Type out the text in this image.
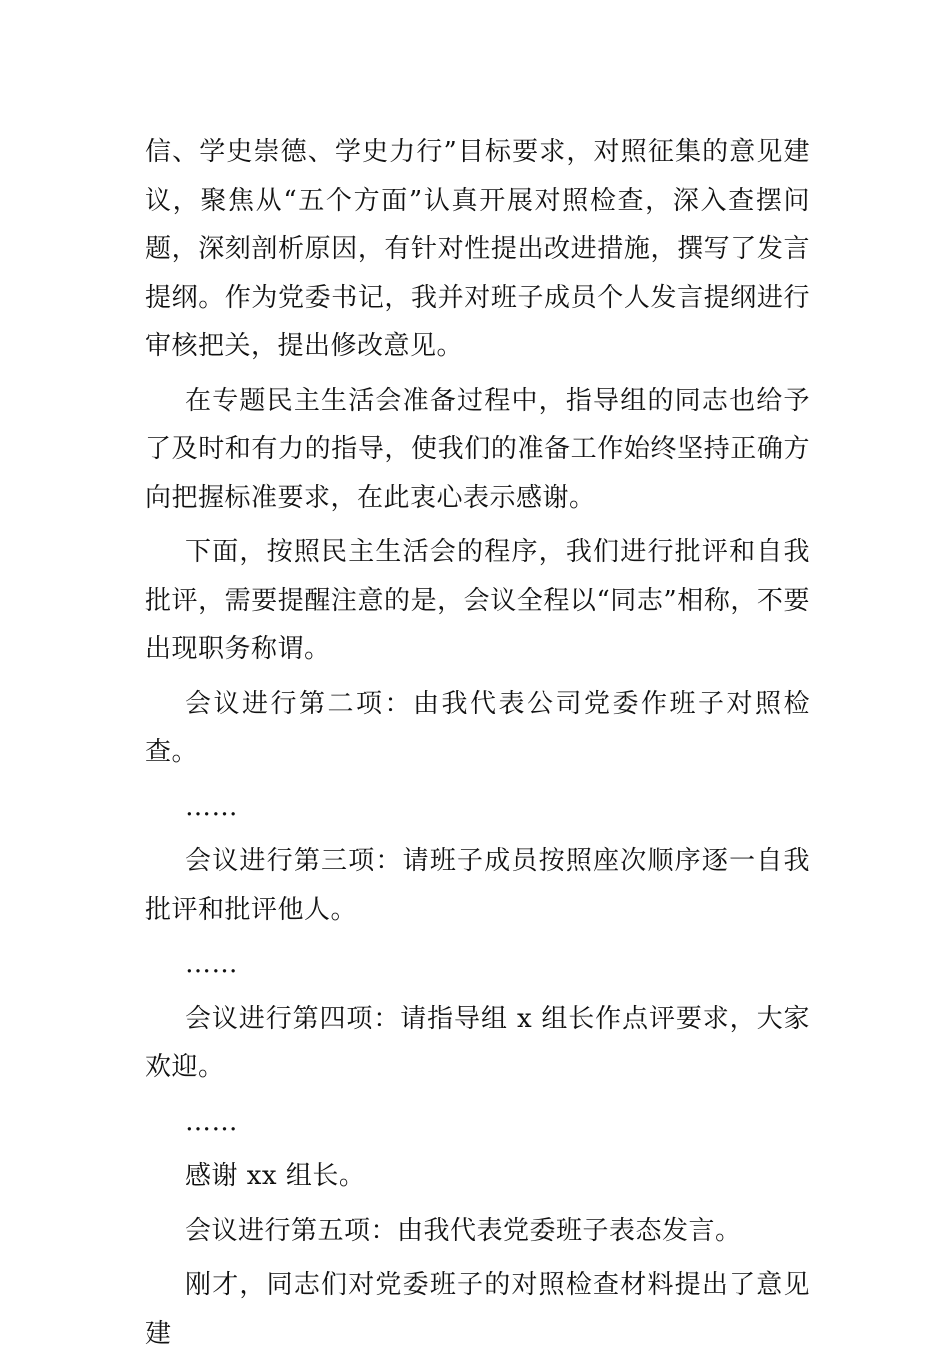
信、学史崇德、学史力行”目标要求，对照征集的意见建议，聚焦从“五个方面”认真开展对照检查，深入查摆问题，深刻剖析原因，有针对性提出改进措施，撰写了发言提纲。作为党委书记，我并对班子成员个人发言提纲进行审核把关，提出修改意见。

在专题民主生活会准备过程中，指导组的同志也给予了及时和有力的指导，使我们的准备工作始终坚持正确方向把握标准要求，在此衷心表示感谢。

下面，按照民主生活会的程序，我们进行批评和自我批评，需要提醒注意的是，会议全程以“同志”相称，不要出现职务称谓。

会议进行第二项：由我代表公司党委作班子对照检查。

……

会议进行第三项：请班子成员按照座次顺序逐一自我批评和批评他人。

……

会议进行第四项：请指导组 x 组长作点评要求，大家欢迎。

……

感谢 xx 组长。

会议进行第五项：由我代表党委班子表态发言。

刚才，同志们对党委班子的对照检查材料提出了意见建
